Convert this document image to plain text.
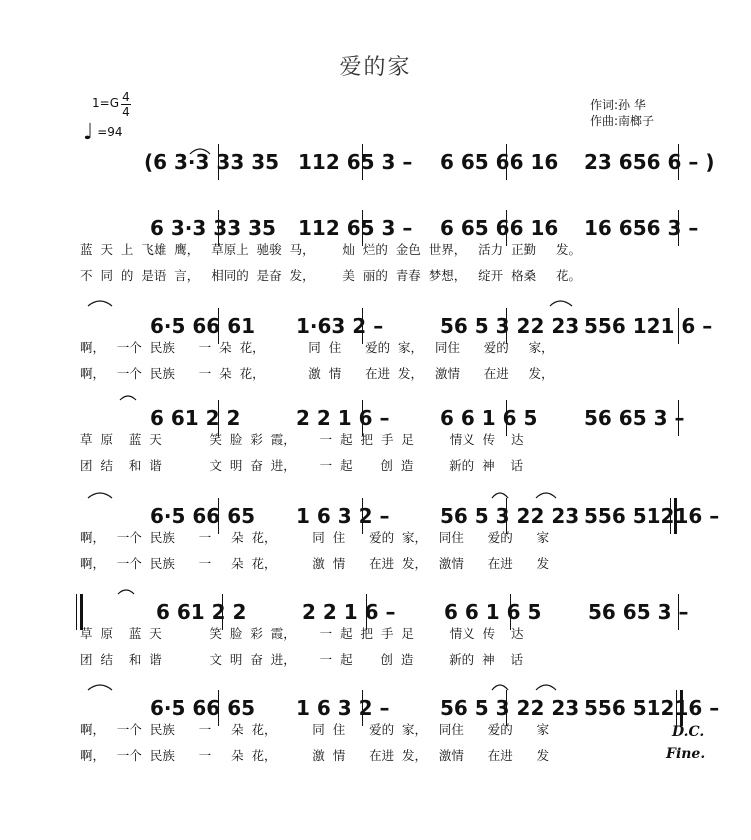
爱的家
1=G 4
4
♩ =94
作词:孙 华
作曲:南榔子
(6 3·3 33 35 112 65 3 – 6 65 66 16 23 656 6 – )
6 3·3 33 35 112 65 3 – 6 65 66 16 16 656 3 –
蓝  天  上  飞雄  鹰，   草原上  驰骏  马，       灿  烂的  金色  世界，   活力  正勤     发。
不  同  的  是语  言，   相同的  是奋  发，       美  丽的  青春  梦想，   绽开  格桑     花。
6·5 66 61 1·63 2 –	56 5 3 22 23 556 121 6 –
啊，   一个  民族      一  朵  花，           同  住      爱的  家，   同住      爱的     家，
啊，   一个  民族      一  朵  花，           激  情      在进  发，   激情      在进     发，
6 61 2 2	2 2 1 6 –	6 6 1 6 5 56 65 3 –
草  原    蓝  天            笑  脸  彩  霞，      一  起  把  手  足         情义  传    达
团  结    和  谐            文  明  奋  进，      一  起       创  造         新的  神    话
6·5 66 65 1 6 3 2 –	56 5 3 22 23 556 51216 –
啊，   一个  民族      一     朵  花，         同  住      爱的  家，   同住      爱的      家
啊，   一个  民族      一     朵  花，         激  情      在进  发，   激情      在进      发
6 61 2 2	2 2 1 6 – 6 6 1 6 5 56 65 3 –
草  原    蓝  天            笑  脸  彩  霞，      一  起  把  手  足         情义  传    达
团  结    和  谐            文  明  奋  进，      一  起       创  造         新的  神    话
6·5 66 65 1 6 3 2 –	56 5 3 22 23 556 51216 –
啊，   一个  民族      一     朵  花，         同  住      爱的  家，   同住      爱的      家
啊，   一个  民族      一     朵  花，         激  情      在进  发，   激情      在进      发
D.C.
Fine.
